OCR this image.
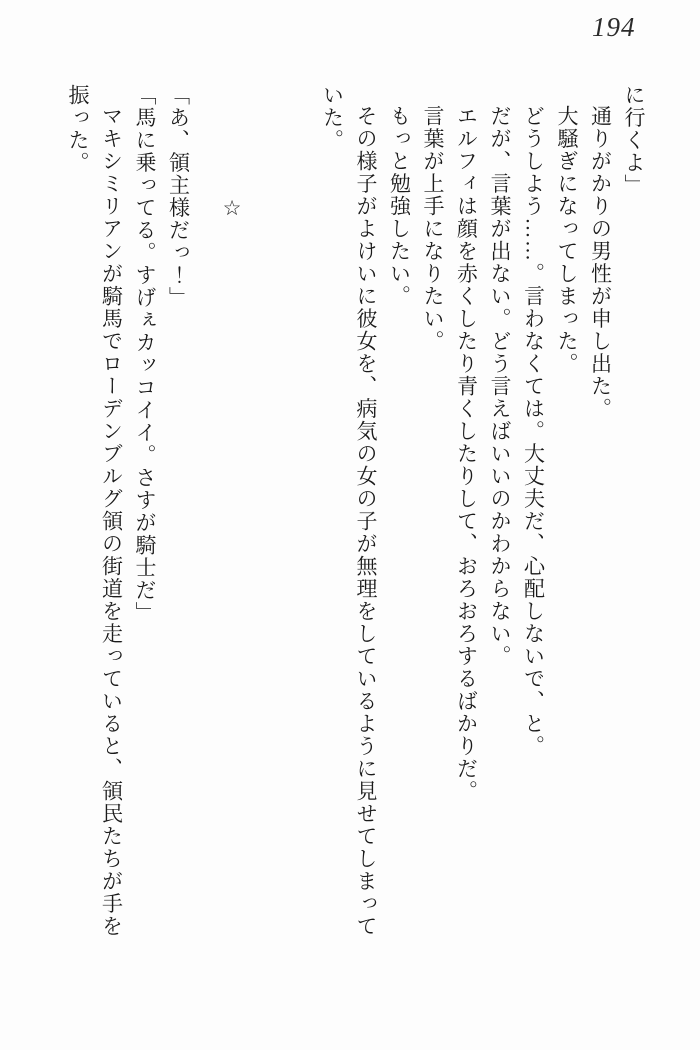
194

に行くよ」

通りがかりの男性が申し出た。

大騒ぎになってしまった。

どうしよう……。言わなくては。大丈夫だ、心配しないで、と。

だが、言葉が出ない。どう言えばいいのかわからない。

エルフィは顔を赤くしたり青くしたりして、おろおろするばかりだ。

言葉が上手になりたい。

もっと勉強したい。

その様子がよけいに彼女を、病気の女の子が無理をしているように見せてしまっていた。

☆

「あ、領主様だっ！」

「馬に乗ってる。すげぇカッコイイ。さすが騎士だ」

マキシミリアンが騎馬でローデンブルグ領の街道を走っていると、領民たちが手を振った。
